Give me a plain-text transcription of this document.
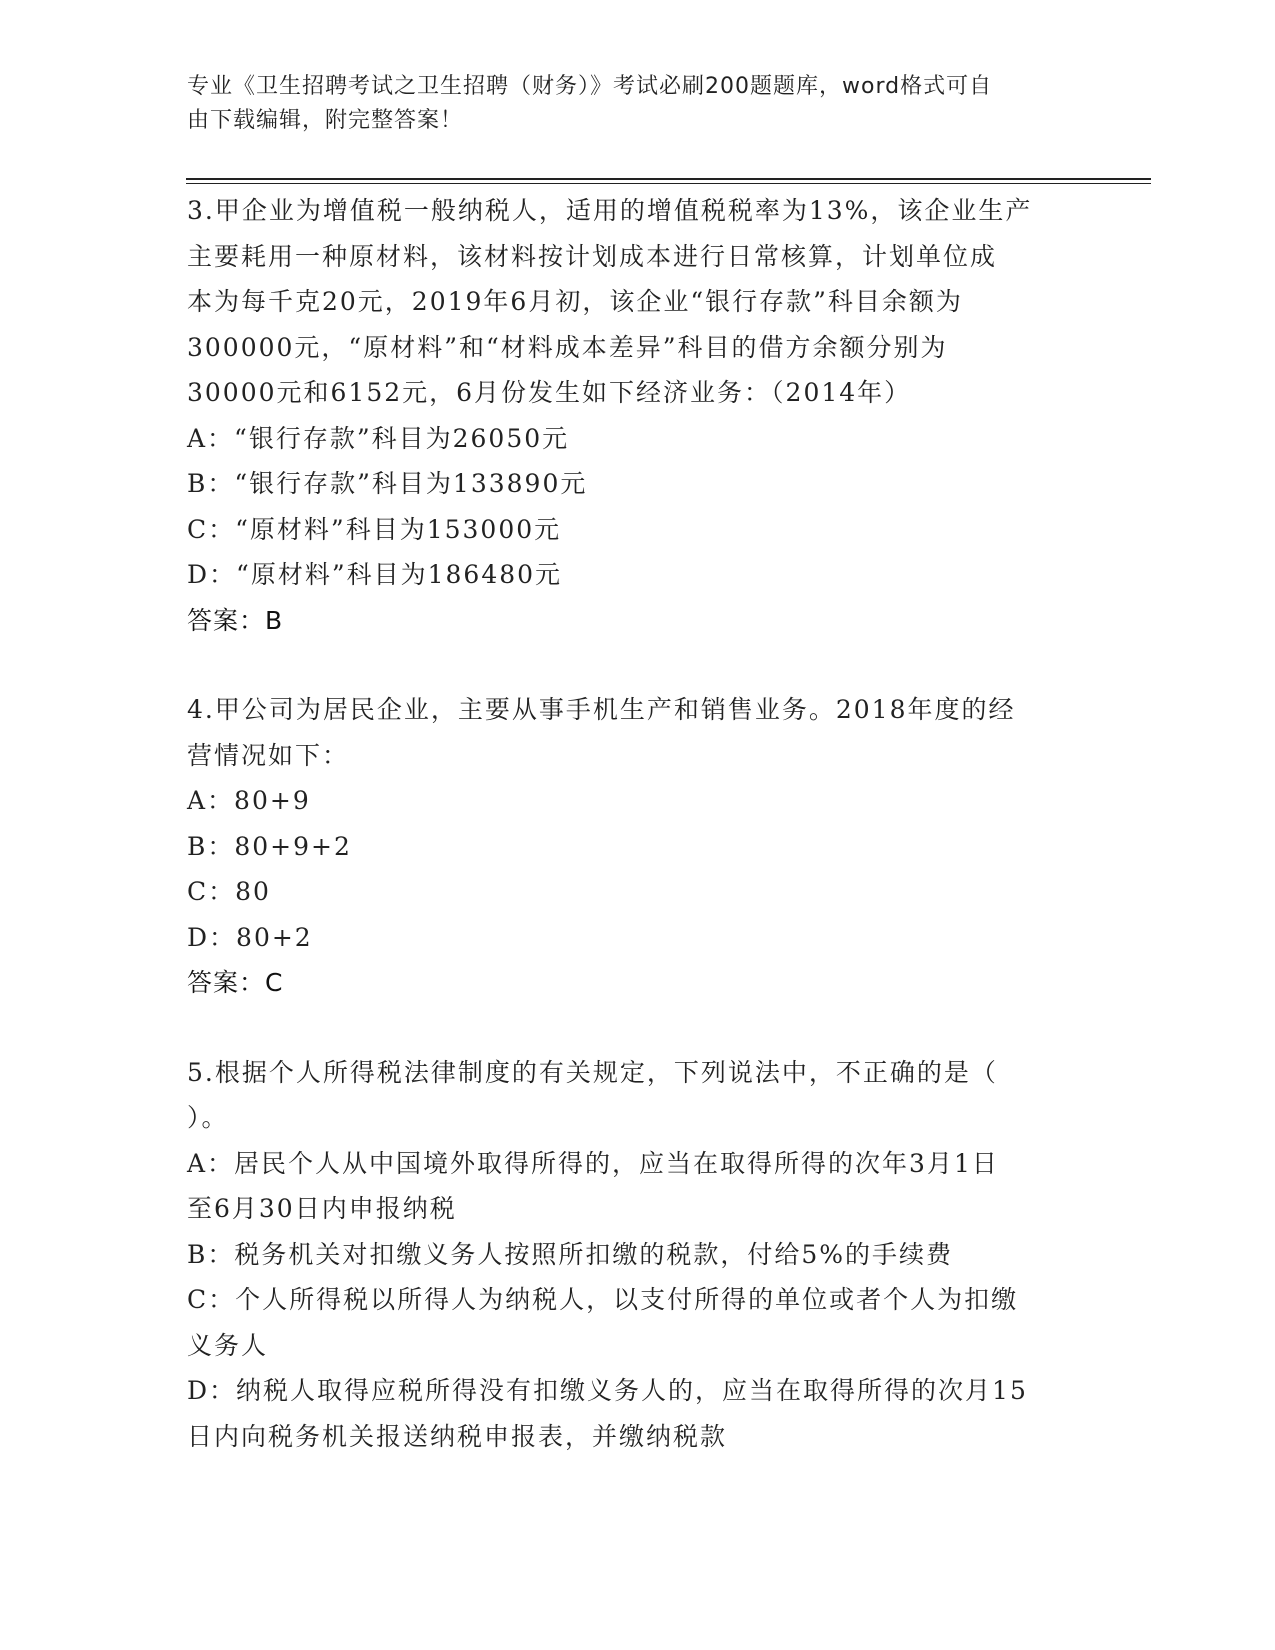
专业《卫生招聘考试之卫生招聘（财务）》考试必刷200题题库，word格式可自
由下载编辑，附完整答案！
3.甲企业为增值税一般纳税人，适用的增值税税率为13%，该企业生产
主要耗用一种原材料，该材料按计划成本进行日常核算，计划单位成
本为每千克20元，2019年6月初，该企业“银行存款”科目余额为
300000元，“原材料”和“材料成本差异”科目的借方余额分别为
30000元和6152元，6月份发生如下经济业务：（2014年）
A：“银行存款”科目为26050元
B：“银行存款”科目为133890元
C：“原材料”科目为153000元
D：“原材料”科目为186480元
答案：B
4.甲公司为居民企业，主要从事手机生产和销售业务。2018年度的经
营情况如下：
A：80+9
B：80+9+2
C：80
D：80+2
答案：C
5.根据个人所得税法律制度的有关规定，下列说法中，不正确的是（
）。
A：居民个人从中国境外取得所得的，应当在取得所得的次年3月1日
至6月30日内申报纳税
B：税务机关对扣缴义务人按照所扣缴的税款，付给5%的手续费
C：个人所得税以所得人为纳税人，以支付所得的单位或者个人为扣缴
义务人
D：纳税人取得应税所得没有扣缴义务人的，应当在取得所得的次月15
日内向税务机关报送纳税申报表，并缴纳税款
